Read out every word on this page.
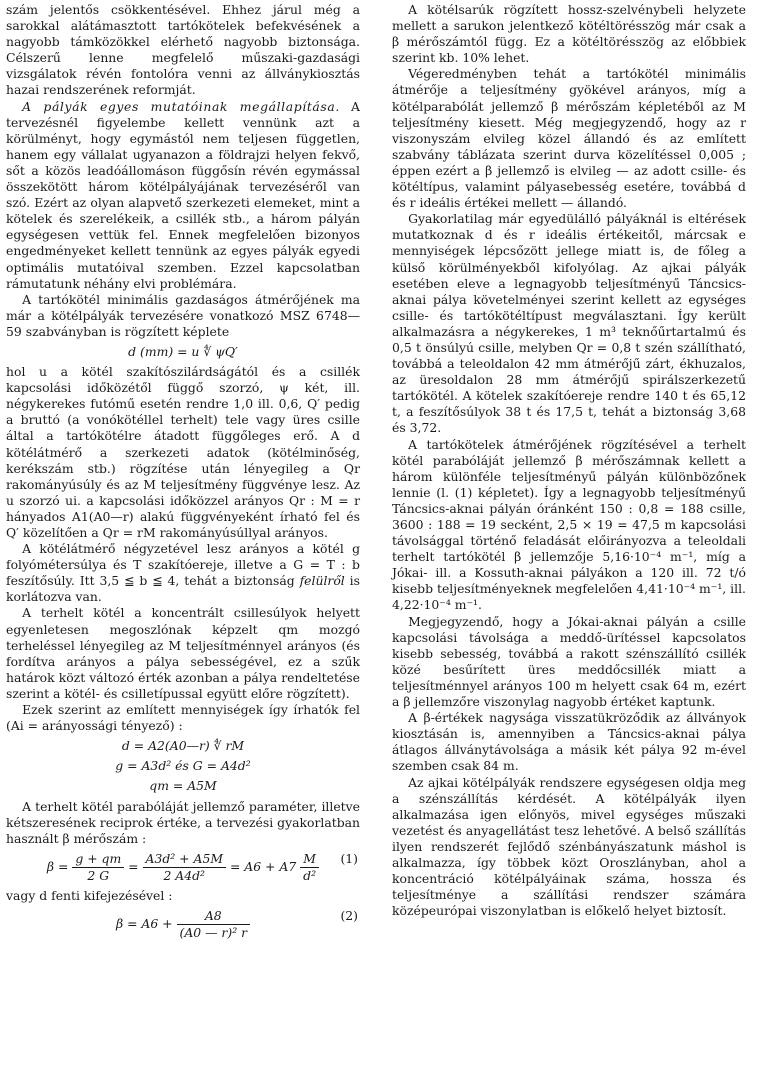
szám jelentős csökkentésével. Ehhez járul még a sarokkal alátámasztott tartókötelek befekvésének a nagyobb támközökkel elérhető nagyobb biztonsága. Célszerű lenne megfelelő műszaki-gazdasági vizsgálatok révén fontolóra venni az állványkiosztás hazai rendszerének reformját.

A pályák egyes mutatóinak megállapítása. A tervezésnél figyelembe kellett vennünk azt a körülményt, hogy egymástól nem teljesen független, hanem egy vállalat ugyanazon a földrajzi helyen fekvő, sőt a közös leadóállomáson függősín révén egymással összekötött három kötélpályájának tervezéséről van szó. Ezért az olyan alapvető szerkezeti elemeket, mint a kötelek és szerelékeik, a csillék stb., a három pályán egységesen vettük fel. Ennek megfelelően bizonyos engedményeket kellett tennünk az egyes pályák egyedi optimális mutatóival szemben. Ezzel kapcsolatban rámutatunk néhány elvi problémára.

A tartókötél minimális gazdaságos átmérőjének ma már a kötélpályák tervezésére vonatkozó MSZ 6748—59 szabványban is rögzített képlete

d (mm) = u ∜ ψQ′

hol u a kötél szakítószilárdságától és a csillék kapcsolási időközétől függő szorzó, ψ két, ill. négykerekes futómű esetén rendre 1,0 ill. 0,6, Q′ pedig a bruttó (a vonókötéllel terhelt) tele vagy üres csille által a tartókötélre átadott függőleges erő. A d kötélátmérő a szerkezeti adatok (kötélminőség, kerékszám stb.) rögzítése után lényegileg a Qr rakományúsúly és az M teljesítmény függvénye lesz. Az u szorzó ui. a kapcsolási időközzel arányos Qr : M = r hányados A1(A0—r) alakú függvényeként írható fel és Q′ közelítően a Qr = rM rakományúsúllyal arányos.

A kötélátmérő négyzetével lesz arányos a kötél g folyómétersúlya és T szakítóereje, illetve a G = T : b feszítősúly. Itt 3,5 ≦ b ≦ 4, tehát a biztonság felülről is korlátozva van.

A terhelt kötél a koncentrált csillesúlyok helyett egyenletesen megoszlónak képzelt qm mozgó terheléssel lényegileg az M teljesítménnyel arányos (és fordítva arányos a pálya sebességével, ez a szűk határok közt változó érték azonban a pálya rendeltetése szerint a kötél- és csilletípussal együtt előre rögzített).

Ezek szerint az említett mennyiségek így írhatók fel (Ai = arányossági tényező) :

d = A2(A0—r) ∜ rM
g = A3d² és G = A4d²
qm = A5M

A terhelt kötél parabóláját jellemző paraméter, illetve kétszeresének reciprok értéke, a tervezési gyakorlatban használt β mérőszám :

$\beta = \frac{g + qm}{2 G} = \frac{\text{A3d² + A5M}}{\text{2 A4d²}} = A6 + A7 \frac{M}{\text{d²}} (1)$

vagy d fenti kifejezésével :

$\beta = A6 + \frac{A8}{\text{(A0 — r)² r}}$	(2)

A kötélsarúk rögzített hossz-szelvénybeli helyzete mellett a sarukon jelentkező kötéltörésszög már csak a β mérőszámtól függ. Ez a kötéltörésszög az előbbiek szerint kb. 10% lehet.

Végeredményben tehát a tartókötél minimális átmérője a teljesítmény gyökével arányos, míg a kötélparabólát jellemző β mérőszám képletéből az M teljesítmény kiesett. Még megjegyzendő, hogy az r viszonyszám elvileg közel állandó és az említett szabvány táblázata szerint durva közelítéssel 0,005 ; éppen ezért a β jellemző is elvileg — az adott csille- és kötéltípus, valamint pályasebesség esetére, továbbá d és r ideális értékei mellett — állandó.

Gyakorlatilag már egyedülálló pályáknál is eltérések mutatkoznak d és r ideális értékeitől, márcsak e mennyiségek lépcsőzött jellege miatt is, de főleg a külső körülményekből kifolyólag. Az ajkai pályák esetében eleve a legnagyobb teljesítményű Táncsics-aknai pálya követelményei szerint kellett az egységes csille- és tartókötéltípust megválasztani. Így került alkalmazásra a négykerekes, 1 m³ teknőűrtartalmú és 0,5 t önsúlyú csille, melyben Qr = 0,8 t szén szállítható, továbbá a teleoldalon 42 mm átmérőjű zárt, ékhuzalos, az üresoldalon 28 mm átmérőjű spirálszerkezetű tartókötél. A kötelek szakítóereje rendre 140 t és 65,12 t, a feszítősúlyok 38 t és 17,5 t, tehát a biztonság 3,68 és 3,72.

A tartókötelek átmérőjének rögzítésével a terhelt kötél parabóláját jellemző β mérőszámnak kellett a három különféle teljesítményű pályán különbözőnek lennie (l. (1) képletet). Így a legnagyobb teljesítményű Táncsics-aknai pályán óránként 150 : 0,8 = 188 csille, 3600 : 188 = 19 secként, 2,5 × 19 = 47,5 m kapcsolási távolsággal történő feladását előirányozva a teleoldali terhelt tartókötél β jellemzője 5,16·10⁻⁴ m⁻¹, míg a Jókai- ill. a Kossuth-aknai pályákon a 120 ill. 72 t/ó kisebb teljesítményeknek megfelelően 4,41·10⁻⁴ m⁻¹, ill. 4,22·10⁻⁴ m⁻¹.

Megjegyzendő, hogy a Jókai-aknai pályán a csille kapcsolási távolsága a meddő-ürítéssel kapcsolatos kisebb sebesség, továbbá a rakott szénszállító csillék közé besűrített üres meddőcsillék miatt a teljesítménnyel arányos 100 m helyett csak 64 m, ezért a β jellemzőre viszonylag nagyobb értéket kaptunk.

A β-értékek nagysága visszatükröződik az állványok kiosztásán is, amennyiben a Táncsics-aknai pálya átlagos állványtávolsága a másik két pálya 92 m-ével szemben csak 84 m.

Az ajkai kötélpályák rendszere egységesen oldja meg a szénszállítás kérdését. A kötélpályák ilyen alkalmazása igen előnyös, mivel egységes műszaki vezetést és anyagellátást tesz lehetővé. A belső szállítás ilyen rendszerét fejlődő szénbányászatunk máshol is alkalmazza, így többek közt Oroszlányban, ahol a koncentráció kötélpályáinak száma, hossza és teljesítménye a szállítási rendszer számára középeurópai viszonylatban is előkelő helyet biztosít.
